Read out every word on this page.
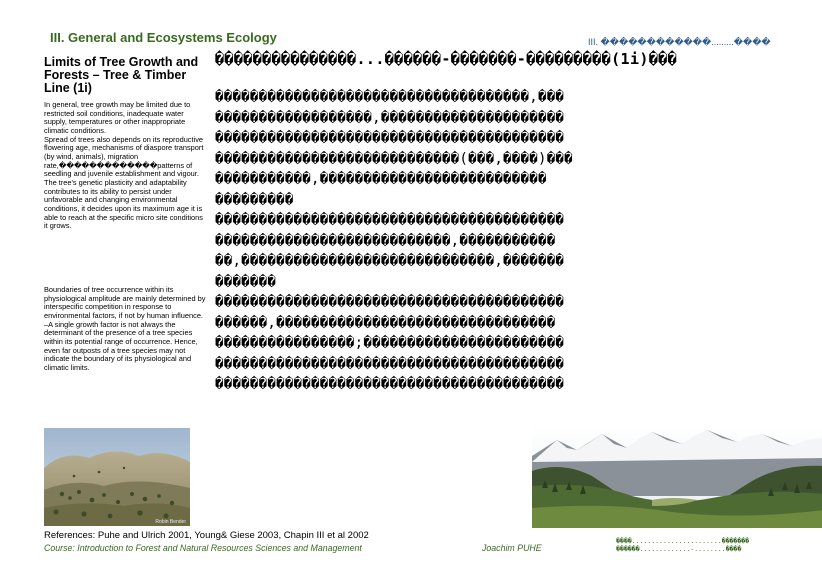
III. General and Ecosystems Ecology	III. ������������.........����
Limits of Tree Growth and Forests – Tree & Timber Line (1i)

In general, tree growth may be limited due to restricted soil conditions, inadequate water supply, temperatures or other inappropriate climatic conditions.
Spread of trees also depends on its reproductive flowering age, mechanisms of diaspore transport (by wind, animals), migration rate,�������������patterns of seedling and juvenile establishment and vigour.
The tree's genetic plasticity and adaptability contributes to its ability to persist under unfavorable and changing environmental conditions, it decides upon its maximum age it is able to reach at the specific micro site conditions it grows.

Boundaries of tree occurrence within its physiological amplitude are mainly determined by interspecific competition in response to environmental factors, if not by human influence. –A single growth factor is not always the determinant of the presence of a tree species within its potential range of occurrence. Hence, even far outposts of a tree species may not indicate the boundary of its physiological and climatic limits.

���������������...������-�������-���������(1i)���
������������������������������������,���
������������������,���������������������
����������������������������������������
����������������������������(���,����)���
�����������,��������������������������
���������
����������������������������������������
���������������������������,�����������
��,�����������������������������,�������
�������
����������������������������������������
������,��������������������������������
����������������;�����������������������
����������������������������������������
����������������������������������������
Robin Bender
References: Puhe and Ulrich 2001, Young& Giese 2003, Chapin III et al 2002
Course: Introduction to Forest and Natural Resources Sciences and Management	Joachim PUHE
����.......................�������
������.............-........����
